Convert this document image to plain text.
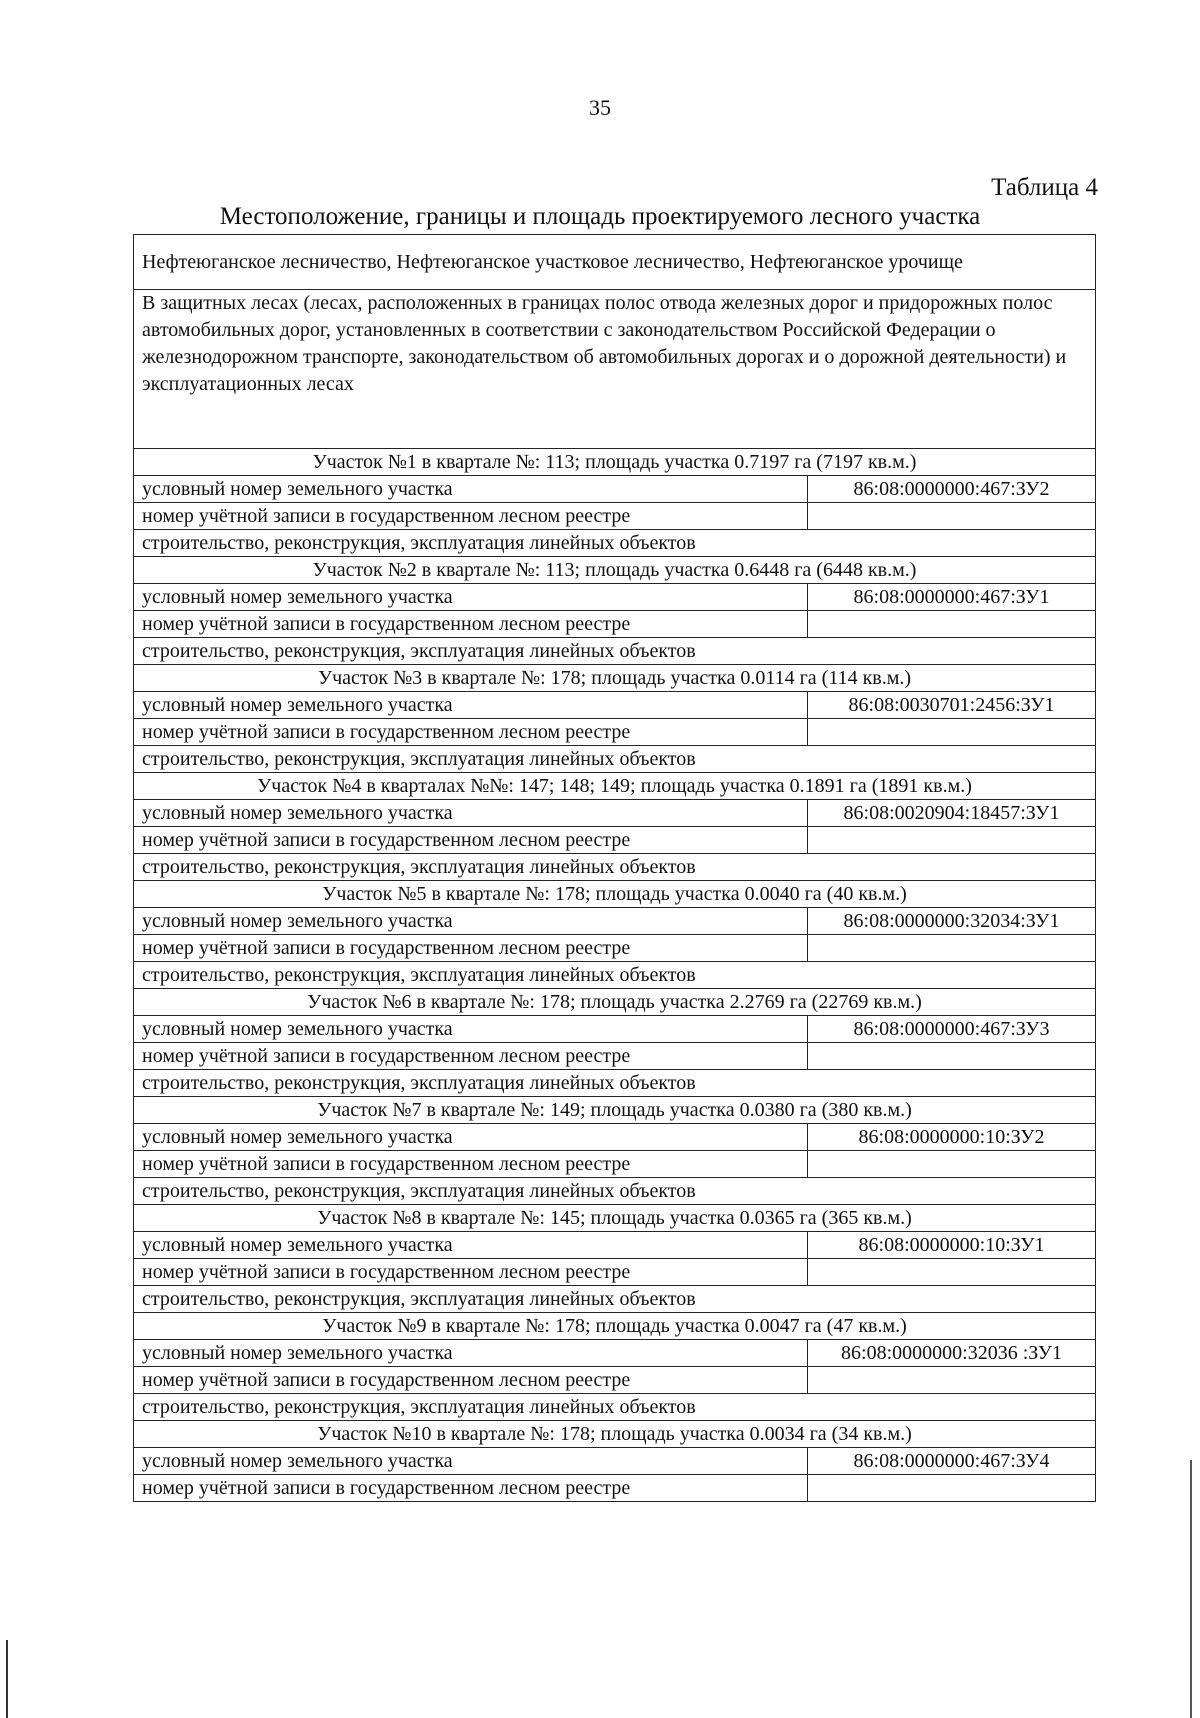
35
Таблица 4
Местоположение, границы и площадь проектируемого лесного участка
Нефтеюганское лесничество, Нефтеюганское участковое лесничество, Нефтеюганское урочище	
В защитных лесах (лесах, расположенных в границах полос отвода железных дорог и придорожных полос автомобильных дорог, установленных в соответствии с законодательством Российской Федерации о железнодорожном транспорте, законодательством об автомобильных дорогах и о дорожной деятельности) и эксплуатационных лесах	
Участок №1 в квартале №: 113; площадь участка 0.7197 га (7197 кв.м.)	
условный номер земельного участка	86:08:0000000:467:ЗУ2
номер учётной записи в государственном лесном реестре	
строительство, реконструкция, эксплуатация линейных объектов	
Участок №2 в квартале №: 113; площадь участка 0.6448 га (6448 кв.м.)	
условный номер земельного участка	86:08:0000000:467:ЗУ1
номер учётной записи в государственном лесном реестре	
строительство, реконструкция, эксплуатация линейных объектов	
Участок №3 в квартале №: 178; площадь участка 0.0114 га (114 кв.м.)	
условный номер земельного участка	86:08:0030701:2456:ЗУ1
номер учётной записи в государственном лесном реестре	
строительство, реконструкция, эксплуатация линейных объектов	
Участок №4 в кварталах №№: 147; 148; 149; площадь участка 0.1891 га (1891 кв.м.)	
условный номер земельного участка	86:08:0020904:18457:ЗУ1
номер учётной записи в государственном лесном реестре	
строительство, реконструкция, эксплуатация линейных объектов	
Участок №5 в квартале №: 178; площадь участка 0.0040 га (40 кв.м.)	
условный номер земельного участка	86:08:0000000:32034:ЗУ1
номер учётной записи в государственном лесном реестре	
строительство, реконструкция, эксплуатация линейных объектов	
Участок №6 в квартале №: 178; площадь участка 2.2769 га (22769 кв.м.)	
условный номер земельного участка	86:08:0000000:467:ЗУ3
номер учётной записи в государственном лесном реестре	
строительство, реконструкция, эксплуатация линейных объектов	
Участок №7 в квартале №: 149; площадь участка 0.0380 га (380 кв.м.)	
условный номер земельного участка	86:08:0000000:10:ЗУ2
номер учётной записи в государственном лесном реестре	
строительство, реконструкция, эксплуатация линейных объектов	
Участок №8 в квартале №: 145; площадь участка 0.0365 га (365 кв.м.)	
условный номер земельного участка	86:08:0000000:10:ЗУ1
номер учётной записи в государственном лесном реестре	
строительство, реконструкция, эксплуатация линейных объектов	
Участок №9 в квартале №: 178; площадь участка 0.0047 га (47 кв.м.)	
условный номер земельного участка	86:08:0000000:32036 :ЗУ1
номер учётной записи в государственном лесном реестре	
строительство, реконструкция, эксплуатация линейных объектов	
Участок №10 в квартале №: 178; площадь участка 0.0034 га (34 кв.м.)	
условный номер земельного участка	86:08:0000000:467:ЗУ4
номер учётной записи в государственном лесном реестре	
